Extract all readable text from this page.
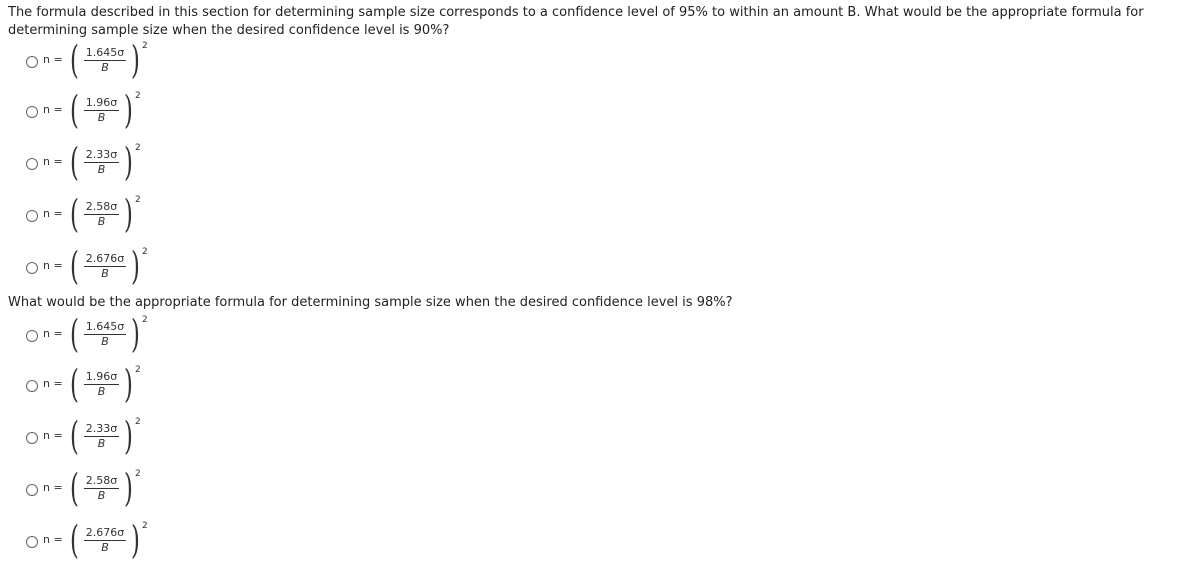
The formula described in this section for determining sample size corresponds to a confidence level of 95% to within an amount B. What would be the appropriate formula for determining sample size when the desired confidence level is 90%?

n = ( $\frac{1.645\sigma}{B}$ ) 2
n = ( $\frac{1.96\sigma}{B}$ ) 2
n = ( $\frac{2.33\sigma}{B}$ ) 2
n = ( $\frac{2.58\sigma}{B}$ ) 2
n = ( $\frac{2.676\sigma}{B}$ ) 2

What would be the appropriate formula for determining sample size when the desired confidence level is 98%?

n = ( $\frac{1.645\sigma}{B}$ ) 2
n = ( $\frac{1.96\sigma}{B}$ ) 2
n = ( $\frac{2.33\sigma}{B}$ ) 2
n = ( $\frac{2.58\sigma}{B}$ ) 2
n = ( $\frac{2.676\sigma}{B}$ ) 2
